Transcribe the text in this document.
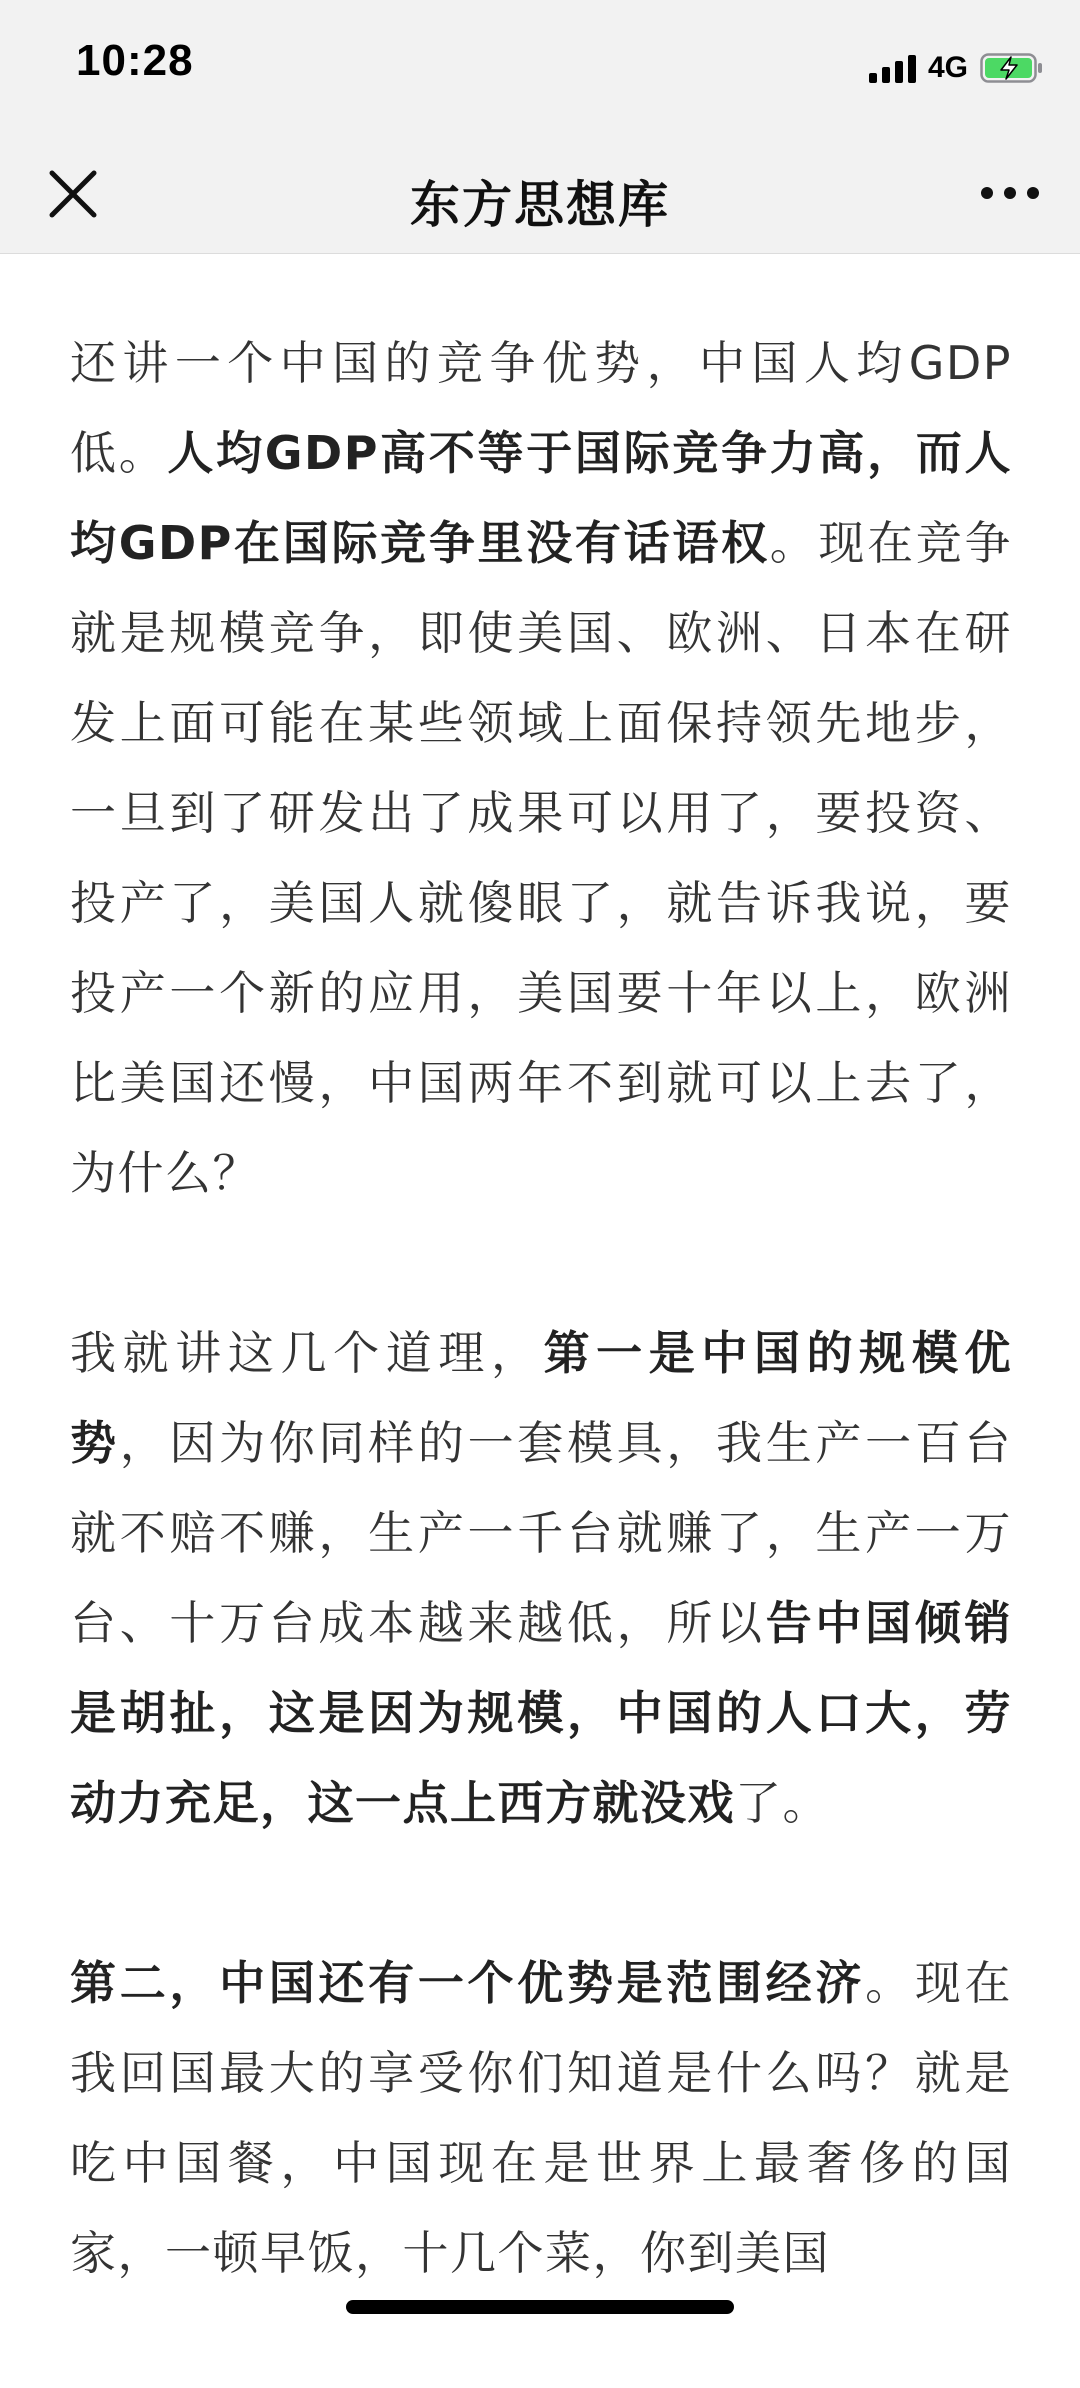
10:28	4G
东方思想库

还讲一个中国的竞争优势，中国人均GDP低。人均GDP高不等于国际竞争力高，而人均GDP在国际竞争里没有话语权。现在竞争就是规模竞争，即使美国、欧洲、日本在研发上面可能在某些领域上面保持领先地步，一旦到了研发出了成果可以用了，要投资、投产了，美国人就傻眼了，就告诉我说，要投产一个新的应用，美国要十年以上，欧洲比美国还慢，中国两年不到就可以上去了，为什么？

我就讲这几个道理，第一是中国的规模优势，因为你同样的一套模具，我生产一百台就不赔不赚，生产一千台就赚了，生产一万台、十万台成本越来越低，所以告中国倾销是胡扯，这是因为规模，中国的人口大，劳动力充足，这一点上西方就没戏了。

第二，中国还有一个优势是范围经济。现在我回国最大的享受你们知道是什么吗？就是吃中国餐，中国现在是世界上最奢侈的国家，一顿早饭，十几个菜，你到美国
